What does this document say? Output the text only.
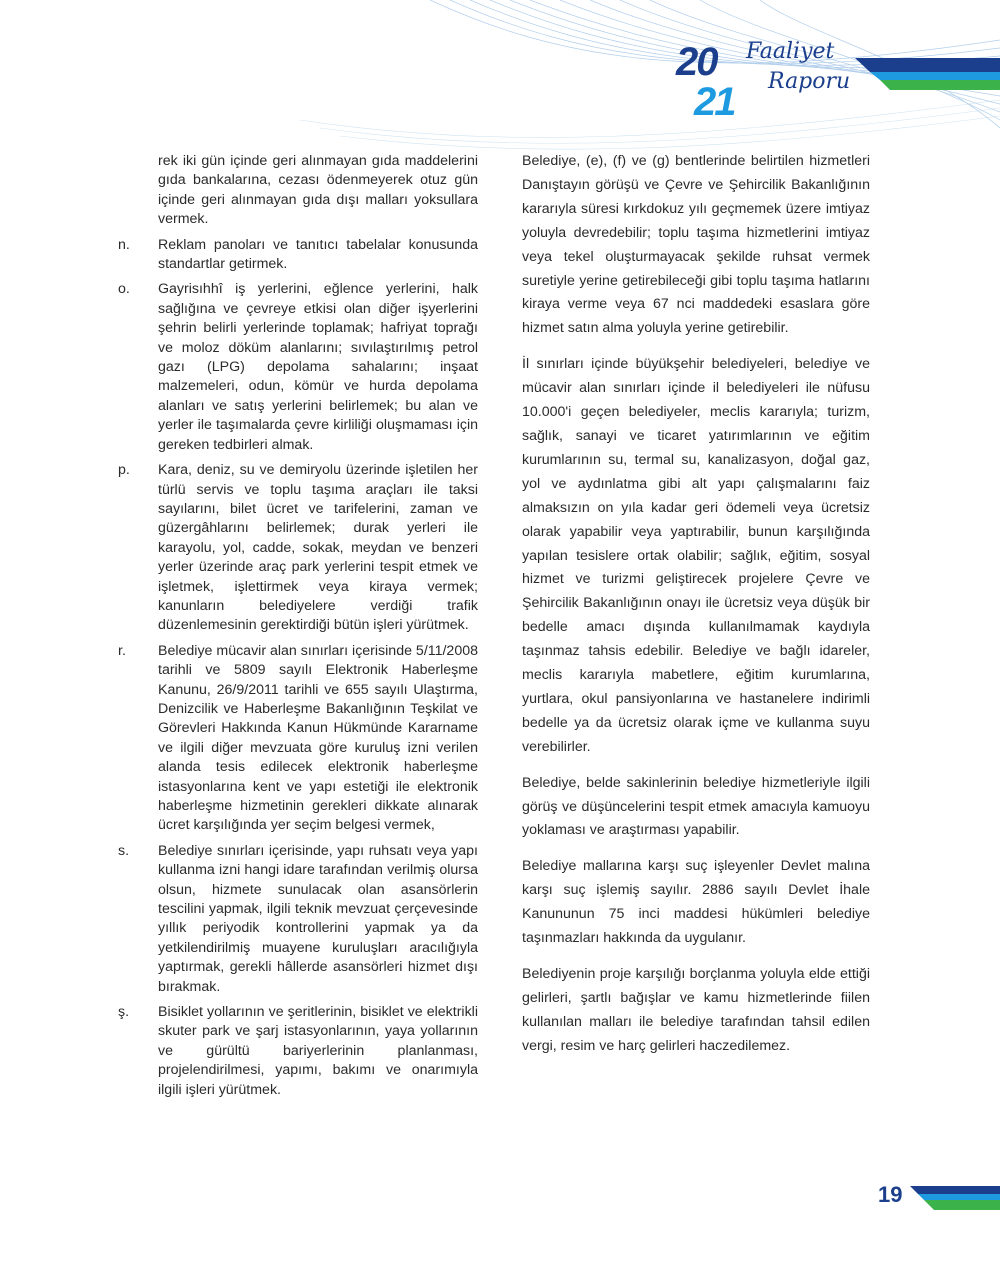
20
21
Faaliyet
Raporu

rek iki gün içinde geri alınmayan gıda maddelerini gıda bankalarına, cezası ödenmeyerek otuz gün içinde geri alınmayan gıda dışı malları yoksullara vermek.

n.	Reklam panoları ve tanıtıcı tabelalar konusunda standartlar getirmek.

o.	Gayrisıhhî iş yerlerini, eğlence yerlerini, halk sağlığına ve çevreye etkisi olan diğer işyerlerini şehrin belirli yerlerinde toplamak; hafriyat toprağı ve moloz döküm alanlarını; sıvılaştırılmış petrol gazı (LPG) depolama sahalarını; inşaat malzemeleri, odun, kömür ve hurda depolama alanları ve satış yerlerini belirlemek; bu alan ve yerler ile taşımalarda çevre kirliliği oluşmaması için gereken tedbirleri almak.

p.	Kara, deniz, su ve demiryolu üzerinde işletilen her türlü servis ve toplu taşıma araçları ile taksi sayılarını, bilet ücret ve tarifelerini, zaman ve güzergâhlarını belirlemek; durak yerleri ile karayolu, yol, cadde, sokak, meydan ve benzeri yerler üzerinde araç park yerlerini tespit etmek ve işletmek, işlettirmek veya kiraya vermek; kanunların belediyelere verdiği trafik düzenlemesinin gerektirdiği bütün işleri yürütmek.

r.	Belediye mücavir alan sınırları içerisinde 5/11/2008 tarihli ve 5809 sayılı Elektronik Haberleşme Kanunu, 26/9/2011 tarihli ve 655 sayılı Ulaştırma, Denizcilik ve Haberleşme Bakanlığının Teşkilat ve Görevleri Hakkında Kanun Hükmünde Kararname ve ilgili diğer mevzuata göre kuruluş izni verilen alanda tesis edilecek elektronik haberleşme istasyonlarına kent ve yapı estetiği ile elektronik haberleşme hizmetinin gerekleri dikkate alınarak ücret karşılığında yer seçim belgesi vermek,

s.	Belediye sınırları içerisinde, yapı ruhsatı veya yapı kullanma izni hangi idare tarafından verilmiş olursa olsun, hizmete sunulacak olan asansörlerin tescilini yapmak, ilgili teknik mevzuat çerçevesinde yıllık periyodik kontrollerini yapmak ya da yetkilendirilmiş muayene kuruluşları aracılığıyla yaptırmak, gerekli hâllerde asansörleri hizmet dışı bırakmak.

ş.	Bisiklet yollarının ve şeritlerinin, bisiklet ve elektrikli skuter park ve şarj istasyonlarının, yaya yollarının ve gürültü bariyerlerinin planlanması, projelendirilmesi, yapımı, bakımı ve onarımıyla ilgili işleri yürütmek.

Belediye, (e), (f) ve (g) bentlerinde belirtilen hizmetleri Danıştayın görüşü ve Çevre ve Şehircilik Bakanlığının kararıyla süresi kırkdokuz yılı geçmemek üzere imtiyaz yoluyla devredebilir; toplu taşıma hizmetlerini imtiyaz veya tekel oluşturmayacak şekilde ruhsat vermek suretiyle yerine getirebileceği gibi toplu taşıma hatlarını kiraya verme veya 67 nci maddedeki esaslara göre hizmet satın alma yoluyla yerine getirebilir.

İl sınırları içinde büyükşehir belediyeleri, belediye ve mücavir alan sınırları içinde il belediyeleri ile nüfusu 10.000'i geçen belediyeler, meclis kararıyla; turizm, sağlık, sanayi ve ticaret yatırımlarının ve eğitim kurumlarının su, termal su, kanalizasyon, doğal gaz, yol ve aydınlatma gibi alt yapı çalışmalarını faiz almaksızın on yıla kadar geri ödemeli veya ücretsiz olarak yapabilir veya yaptırabilir, bunun karşılığında yapılan tesislere ortak olabilir; sağlık, eğitim, sosyal hizmet ve turizmi geliştirecek projelere Çevre ve Şehircilik Bakanlığının onayı ile ücretsiz veya düşük bir bedelle amacı dışında kullanılmamak kaydıyla taşınmaz tahsis edebilir. Belediye ve bağlı idareler, meclis kararıyla mabetlere, eğitim kurumlarına, yurtlara, okul pansiyonlarına ve hastanelere indirimli bedelle ya da ücretsiz olarak içme ve kullanma suyu verebilirler.

Belediye, belde sakinlerinin belediye hizmetleriyle ilgili görüş ve düşüncelerini tespit etmek amacıyla kamuoyu yoklaması ve araştırması yapabilir.

Belediye mallarına karşı suç işleyenler Devlet malına karşı suç işlemiş sayılır. 2886 sayılı Devlet İhale Kanununun 75 inci maddesi hükümleri belediye taşınmazları hakkında da uygulanır.

Belediyenin proje karşılığı borçlanma yoluyla elde ettiği gelirleri, şartlı bağışlar ve kamu hizmetlerinde fiilen kullanılan malları ile belediye tarafından tahsil edilen vergi, resim ve harç gelirleri haczedilemez.

19
